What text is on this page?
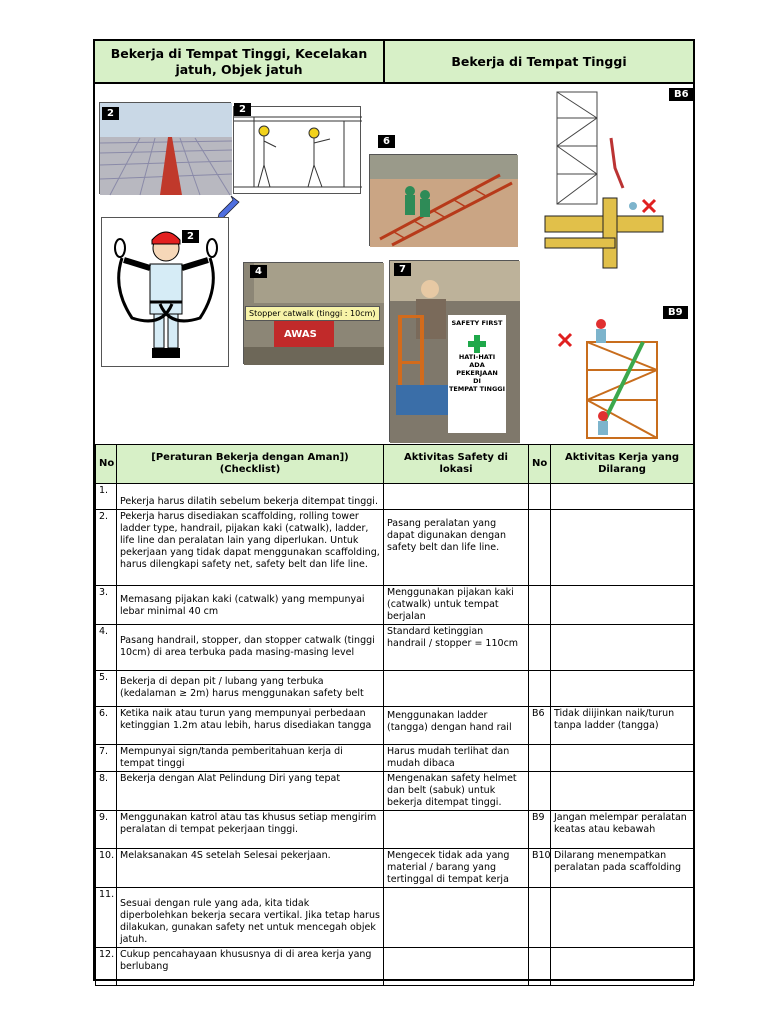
Bekerja di Tempat Tinggi, Kecelakan jatuh, Objek jatuh
Bekerja di Tempat Tinggi
2	2
6
2
4
AWAS
Stopper catwalk (tinggi : 10cm)
7
SAFETY FIRST
HATI-HATI
ADA PEKERJAAN
DI
TEMPAT TINGGI
B6
B9
No	[Peraturan Bekerja dengan Aman]) (Checklist)	Aktivitas Safety di lokasi	No	Aktivitas Kerja yang Dilarang
1.	Pekerja harus dilatih sebelum bekerja ditempat tinggi.			
2.	Pekerja harus disediakan scaffolding, rolling tower ladder type, handrail, pijakan kaki (catwalk), ladder, life line dan peralatan lain yang diperlukan. Untuk pekerjaan yang tidak dapat menggunakan scaffolding, harus dilengkapi safety net, safety belt dan life line.	Pasang peralatan yang dapat digunakan dengan safety belt dan life line.		
3.	Memasang pijakan kaki (catwalk) yang mempunyai lebar minimal 40 cm	Menggunakan pijakan kaki (catwalk) untuk tempat berjalan		
4.	Pasang handrail, stopper, dan stopper catwalk (tinggi 10cm) di area terbuka pada masing-masing level	Standard ketinggian handrail / stopper = 110cm		
5.	Bekerja di depan pit / lubang yang terbuka (kedalaman ≥ 2m) harus menggunakan safety belt			
6.	Ketika naik atau turun yang mempunyai perbedaan ketinggian 1.2m atau lebih, harus disediakan tangga	Menggunakan ladder (tangga) dengan hand rail	B6	Tidak diijinkan naik/turun tanpa ladder (tangga)
7.	Mempunyai sign/tanda pemberitahuan kerja di tempat tinggi	Harus mudah terlihat dan mudah dibaca		
8.	Bekerja dengan Alat Pelindung Diri yang tepat	Mengenakan safety helmet dan belt (sabuk) untuk bekerja ditempat tinggi.		
9.	Menggunakan katrol atau tas khusus setiap mengirim peralatan di tempat pekerjaan tinggi.		B9	Jangan melempar peralatan keatas atau kebawah
10.	Melaksanakan 4S setelah Selesai pekerjaan.	Mengecek tidak ada yang material / barang yang tertinggal di tempat kerja	B10	Dilarang menempatkan peralatan pada scaffolding
11.	Sesuai dengan rule yang ada, kita tidak diperbolehkan bekerja secara vertikal. Jika tetap harus dilakukan, gunakan safety net untuk mencegah objek jatuh.			
12.	Cukup pencahayaan khususnya di di area kerja yang berlubang			
